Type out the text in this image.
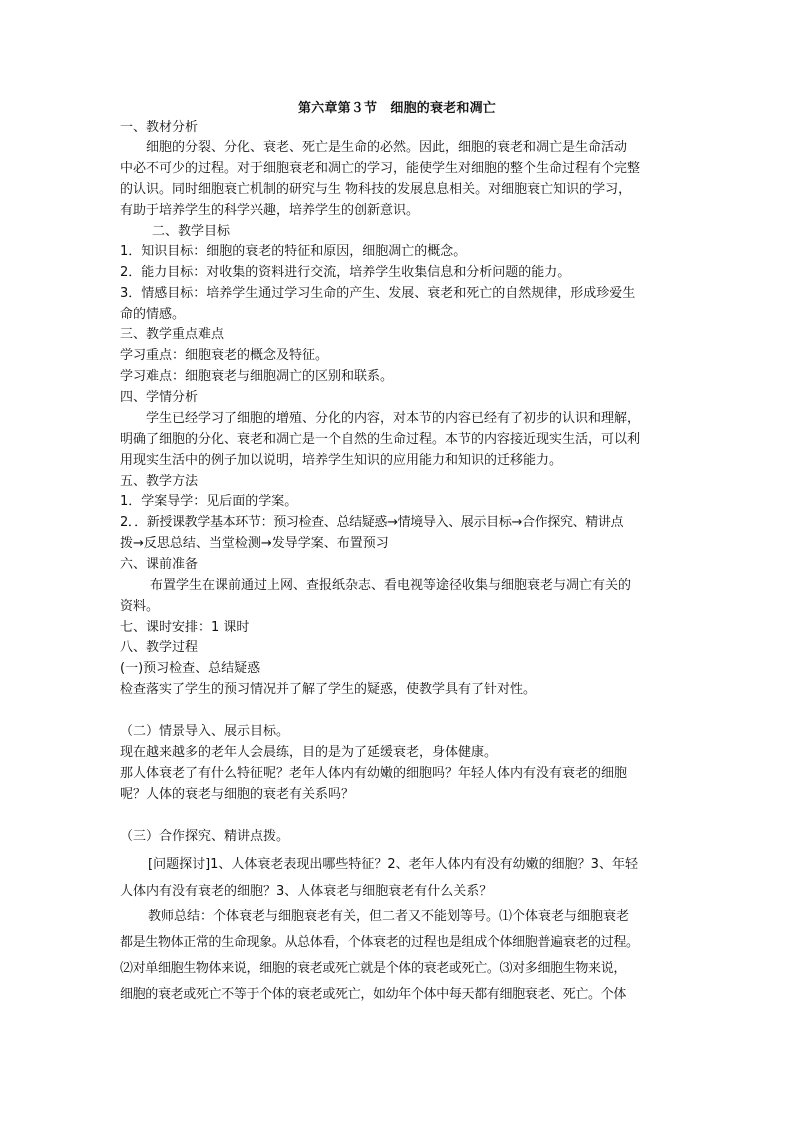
第六章第３节　细胞的衰老和凋亡
一、教材分析
细胞的分裂、分化、衰老、死亡是生命的必然。因此，细胞的衰老和凋亡是生命活动
中必不可少的过程。对于细胞衰老和凋亡的学习，能使学生对细胞的整个生命过程有个完整
的认识。同时细胞衰亡机制的研究与生 物科技的发展息息相关。对细胞衰亡知识的学习，
有助于培养学生的科学兴趣，培养学生的创新意识。
二、教学目标
1．知识目标：细胞的衰老的特征和原因，细胞凋亡的概念。
2．能力目标：对收集的资料进行交流，培养学生收集信息和分析问题的能力。
3．情感目标：培养学生通过学习生命的产生、发展、衰老和死亡的自然规律，形成珍爱生
命的情感。
三、教学重点难点
学习重点：细胞衰老的概念及特征。
学习难点：细胞衰老与细胞凋亡的区别和联系。
四、学情分析
学生已经学习了细胞的增殖、分化的内容，对本节的内容已经有了初步的认识和理解，
明确了细胞的分化、衰老和凋亡是一个自然的生命过程。本节的内容接近现实生活，可以利
用现实生活中的例子加以说明，培养学生知识的应用能力和知识的迁移能力。
五、教学方法
1．学案导学：见后面的学案。
2．．新授课教学基本环节：预习检查、总结疑惑→情境导入、展示目标→合作探究、精讲点
拨→反思总结、当堂检测→发导学案、布置预习
六、课前准备
布置学生在课前通过上网、查报纸杂志、看电视等途径收集与细胞衰老与凋亡有关的
资料。
七、课时安排：1 课时
八、教学过程
(一)预习检查、总结疑惑
检查落实了学生的预习情况并了解了学生的疑惑，使教学具有了针对性。
（二）情景导入、展示目标。
现在越来越多的老年人会晨练，目的是为了延缓衰老，身体健康。
那人体衰老了有什么特征呢？老年人体内有幼嫩的细胞吗？年轻人体内有没有衰老的细胞
呢？人体的衰老与细胞的衰老有关系吗？
（三）合作探究、精讲点拨。
[问题探讨]1、人体衰老表现出哪些特征？2、老年人体内有没有幼嫩的细胞？3、年轻
人体内有没有衰老的细胞？3、人体衰老与细胞衰老有什么关系？
教师总结：个体衰老与细胞衰老有关，但二者又不能划等号。⑴个体衰老与细胞衰老
都是生物体正常的生命现象。从总体看，个体衰老的过程也是组成个体细胞普遍衰老的过程。
⑵对单细胞生物体来说，细胞的衰老或死亡就是个体的衰老或死亡。⑶对多细胞生物来说，
细胞的衰老或死亡不等于个体的衰老或死亡，如幼年个体中每天都有细胞衰老、死亡。个体
